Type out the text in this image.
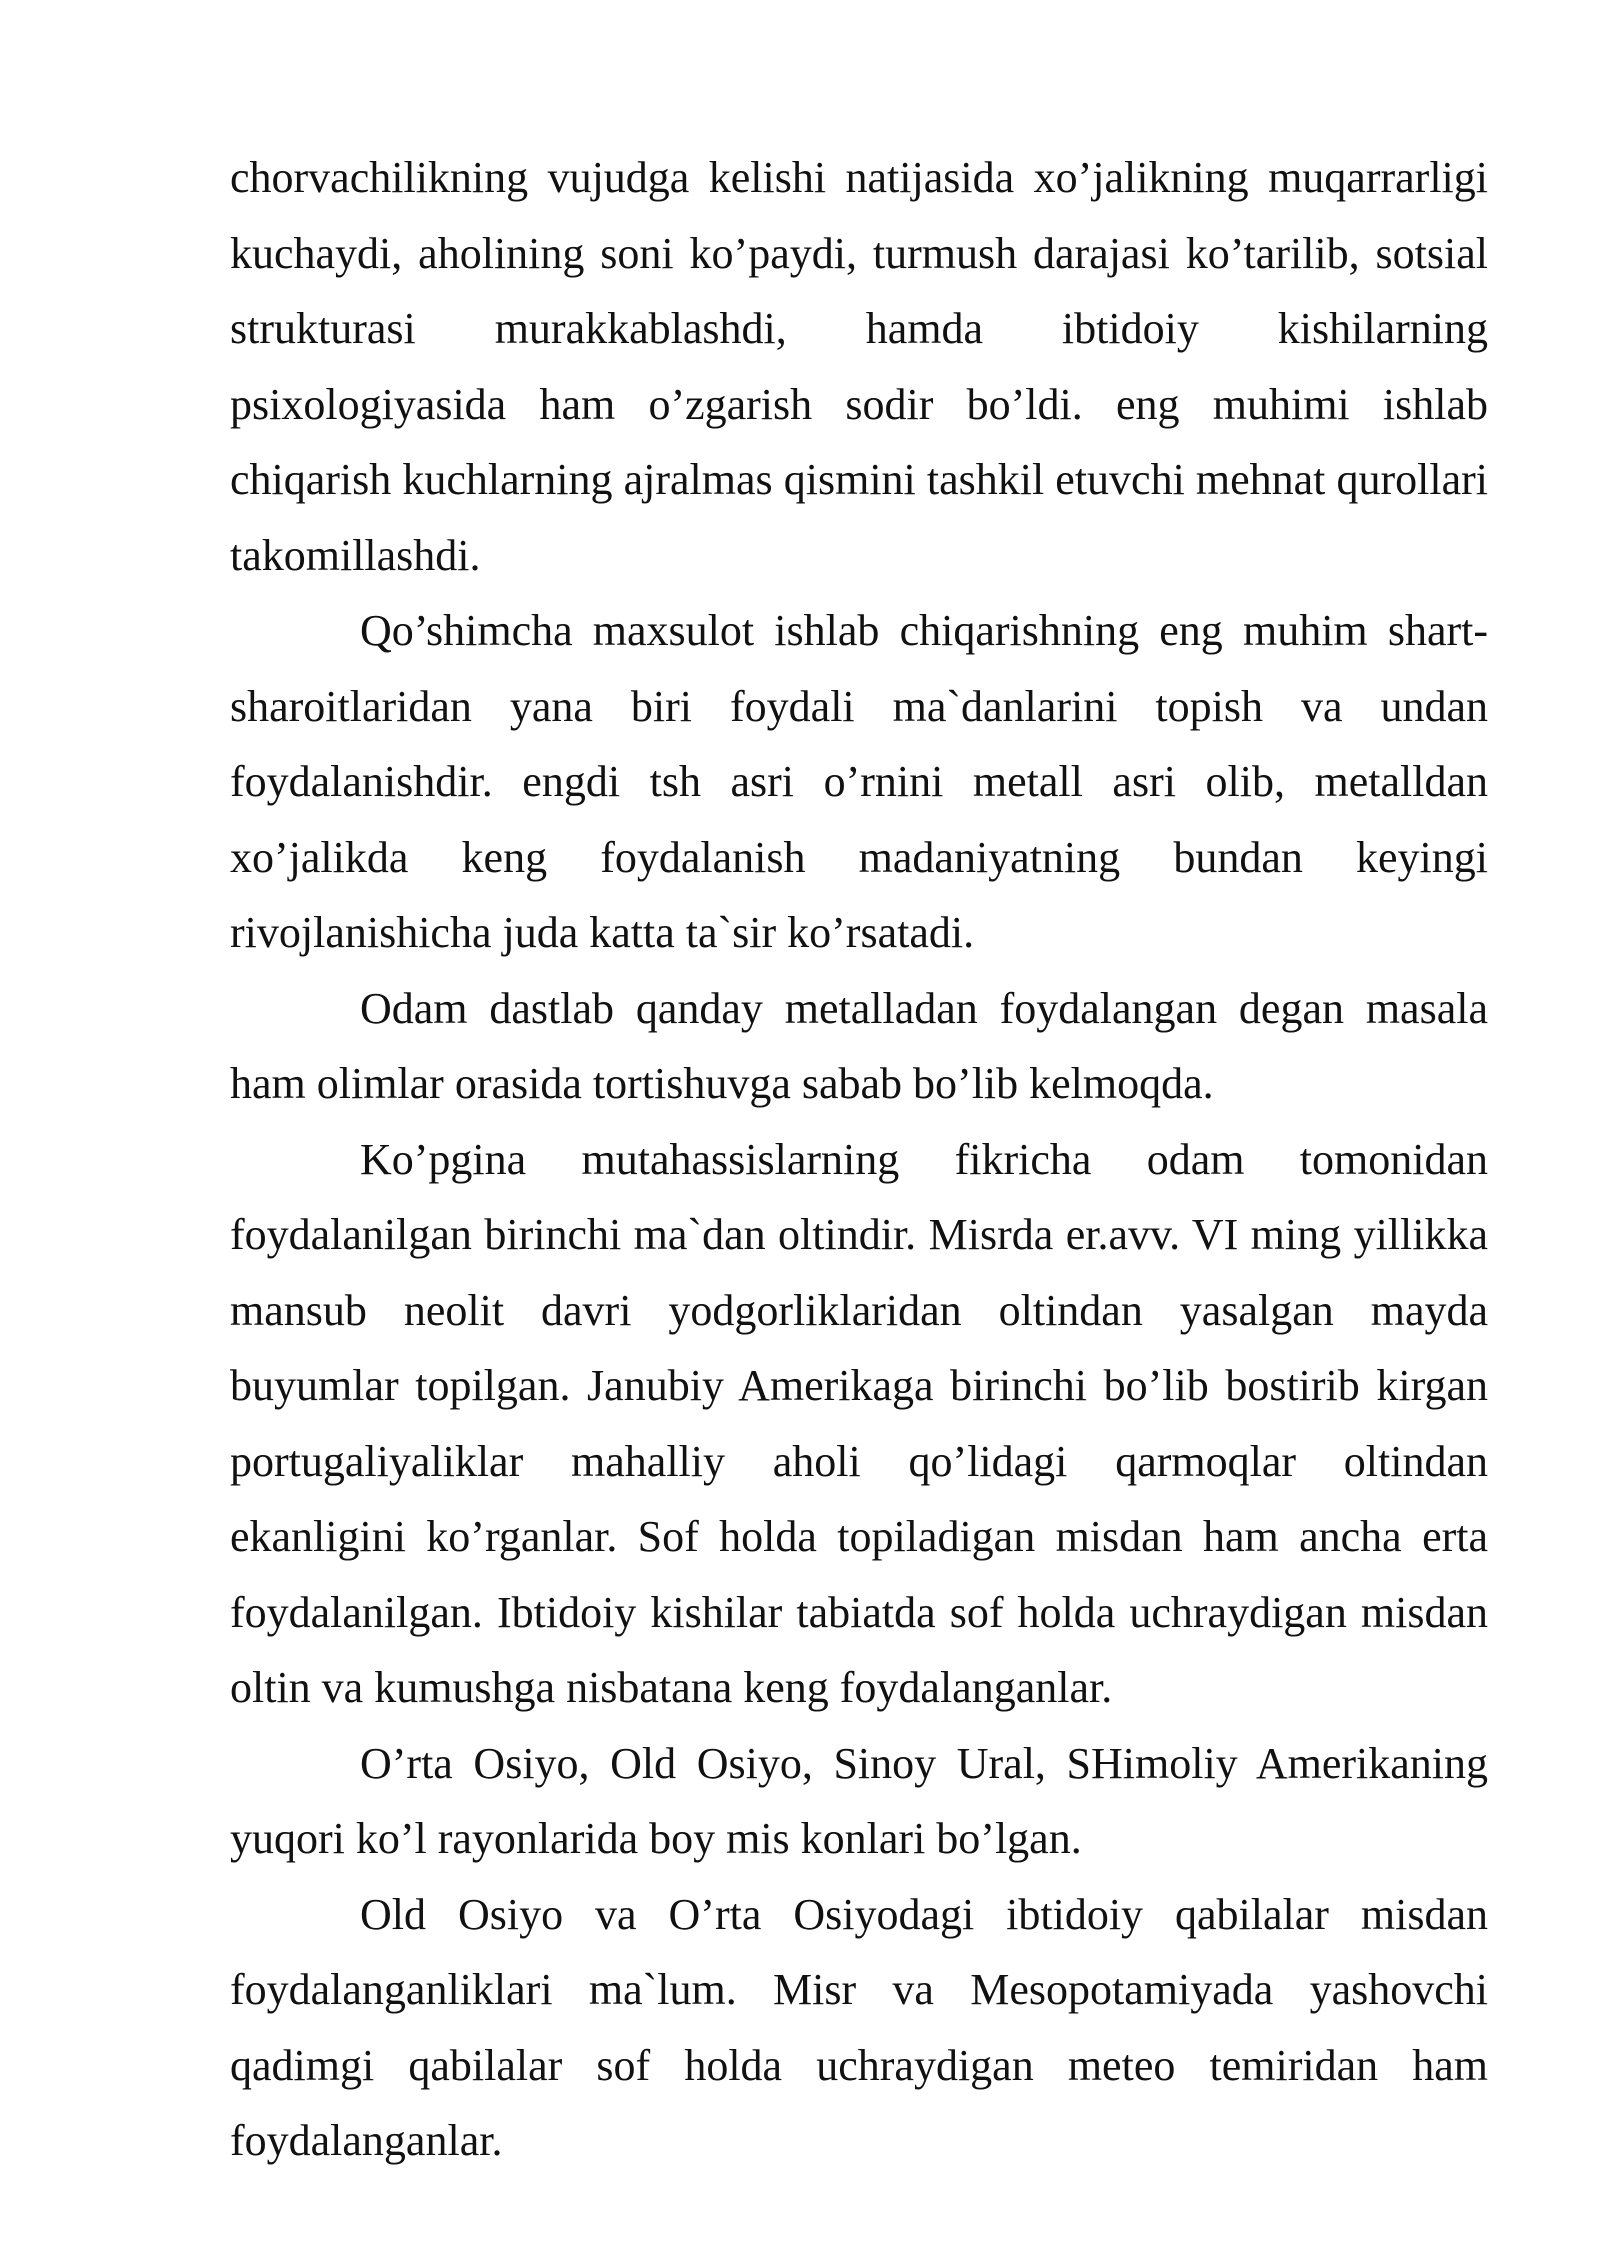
chorvachilikning vujudga kelishi natijasida xo’jalikning muqarrarligi kuchaydi, aholining soni ko’paydi, turmush darajasi ko’tarilib, sotsial strukturasi murakkablashdi, hamda ibtidoiy kishilarning psixologiyasida ham o’zgarish sodir bo’ldi. eng muhimi ishlab chiqarish kuchlarning ajralmas qismini tashkil etuvchi mehnat qurollari takomillashdi.

Qo’shimcha maxsulot ishlab chiqarishning eng muhim shart-sharoitlaridan yana biri foydali ma`danlarini topish va undan foydalanishdir. engdi tsh asri o’rnini metall asri olib, metalldan xo’jalikda keng foydalanish madaniyatning bundan keyingi rivojlanishicha juda katta ta`sir ko’rsatadi.

Odam dastlab qanday metalladan foydalangan degan masala ham olimlar orasida tortishuvga sabab bo’lib kelmoqda.

Ko’pgina mutahassislarning fikricha odam tomonidan foydalanilgan birinchi ma`dan oltindir. Misrda er.avv. VI ming yillikka mansub neolit davri yodgorliklaridan oltindan yasalgan mayda buyumlar topilgan. Janubiy Amerikaga birinchi bo’lib bostirib kirgan portugaliyaliklar mahalliy aholi qo’lidagi qarmoqlar oltindan ekanligini ko’rganlar. Sof holda topiladigan misdan ham ancha erta foydalanilgan. Ibtidoiy kishilar tabiatda sof holda uchraydigan misdan oltin va kumushga nisbatana keng foydalanganlar.

O’rta Osiyo, Old Osiyo, Sinoy Ural, SHimoliy Amerikaning yuqori ko’l rayonlarida boy mis konlari bo’lgan.

Old Osiyo va O’rta Osiyodagi ibtidoiy qabilalar misdan foydalanganliklari ma`lum. Misr va Mesopotamiyada yashovchi qadimgi qabilalar sof holda uchraydigan meteo temiridan ham foydalanganlar.
